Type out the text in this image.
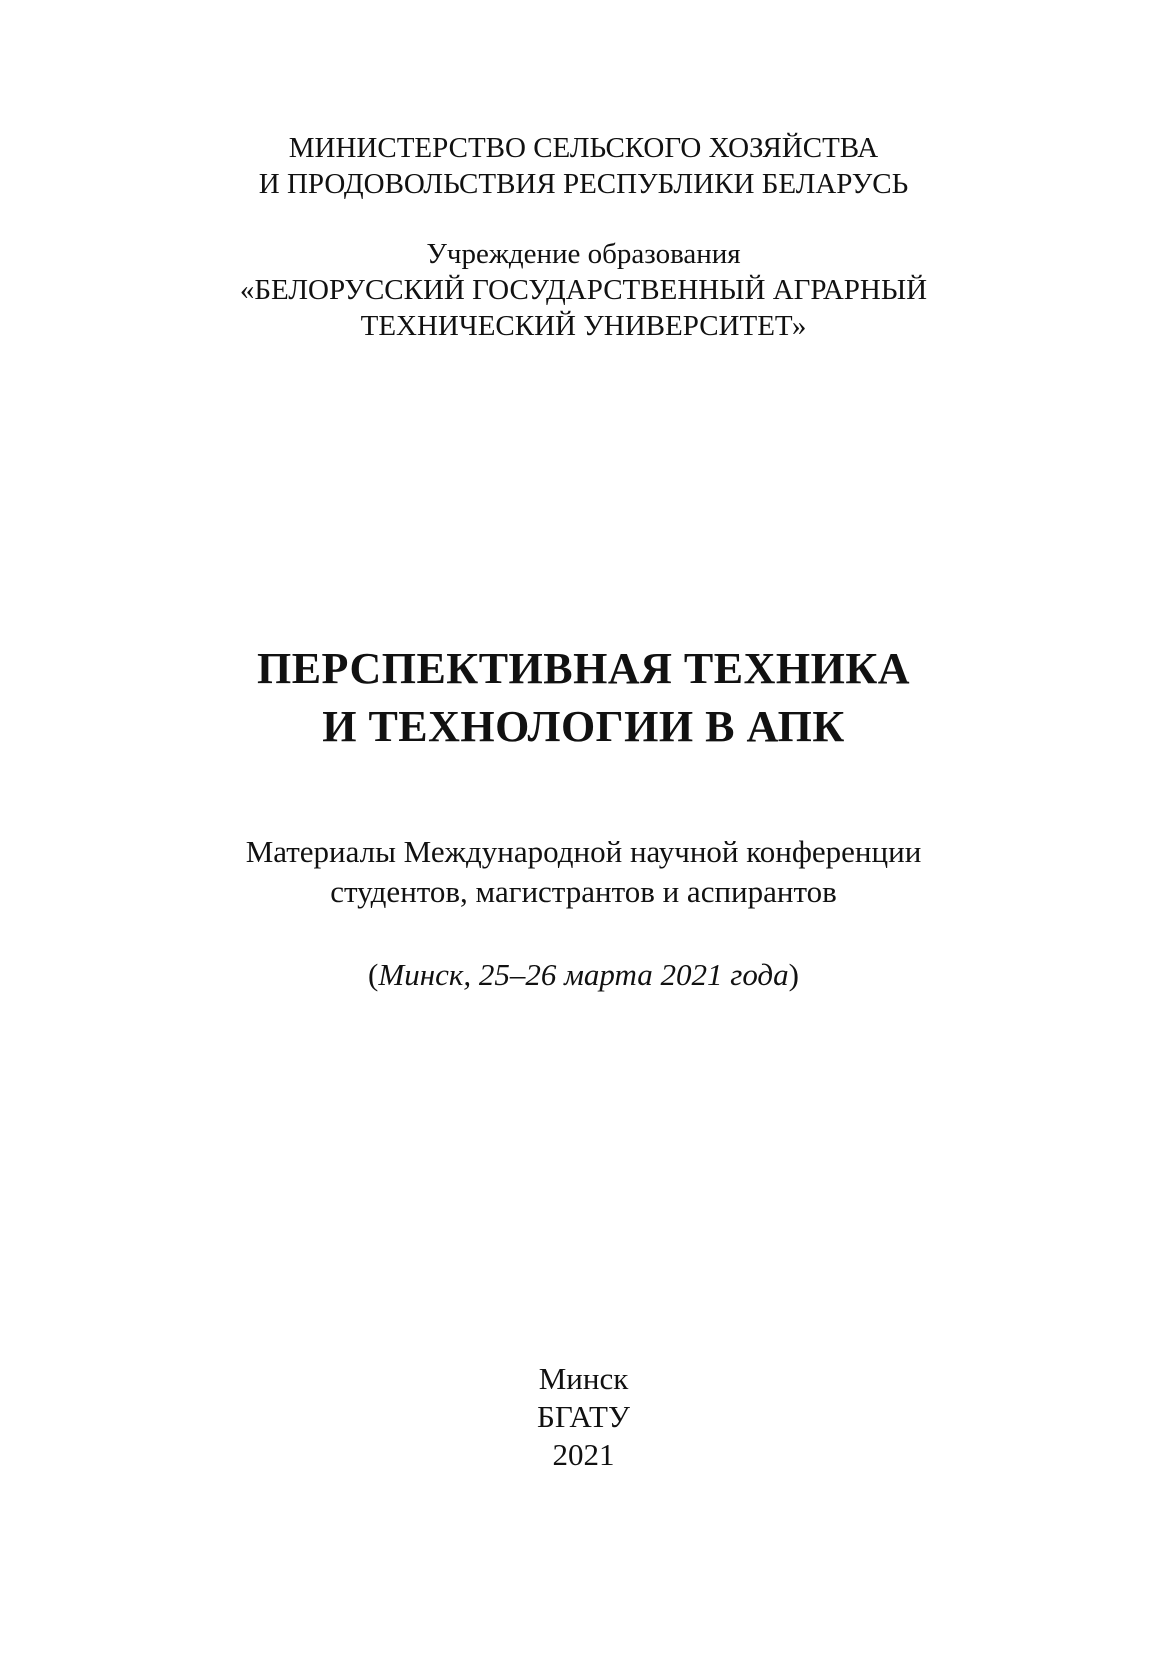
МИНИСТЕРСТВО СЕЛЬСКОГО ХОЗЯЙСТВА
И ПРОДОВОЛЬСТВИЯ РЕСПУБЛИКИ БЕЛАРУСЬ
Учреждение образования
«БЕЛОРУССКИЙ ГОСУДАРСТВЕННЫЙ АГРАРНЫЙ
ТЕХНИЧЕСКИЙ УНИВЕРСИТЕТ»
ПЕРСПЕКТИВНАЯ ТЕХНИКА
И ТЕХНОЛОГИИ В АПК
Материалы Международной научной конференции
студентов, магистрантов и аспирантов
(Минск, 25–26 марта 2021 года)
Минск
БГАТУ
2021
